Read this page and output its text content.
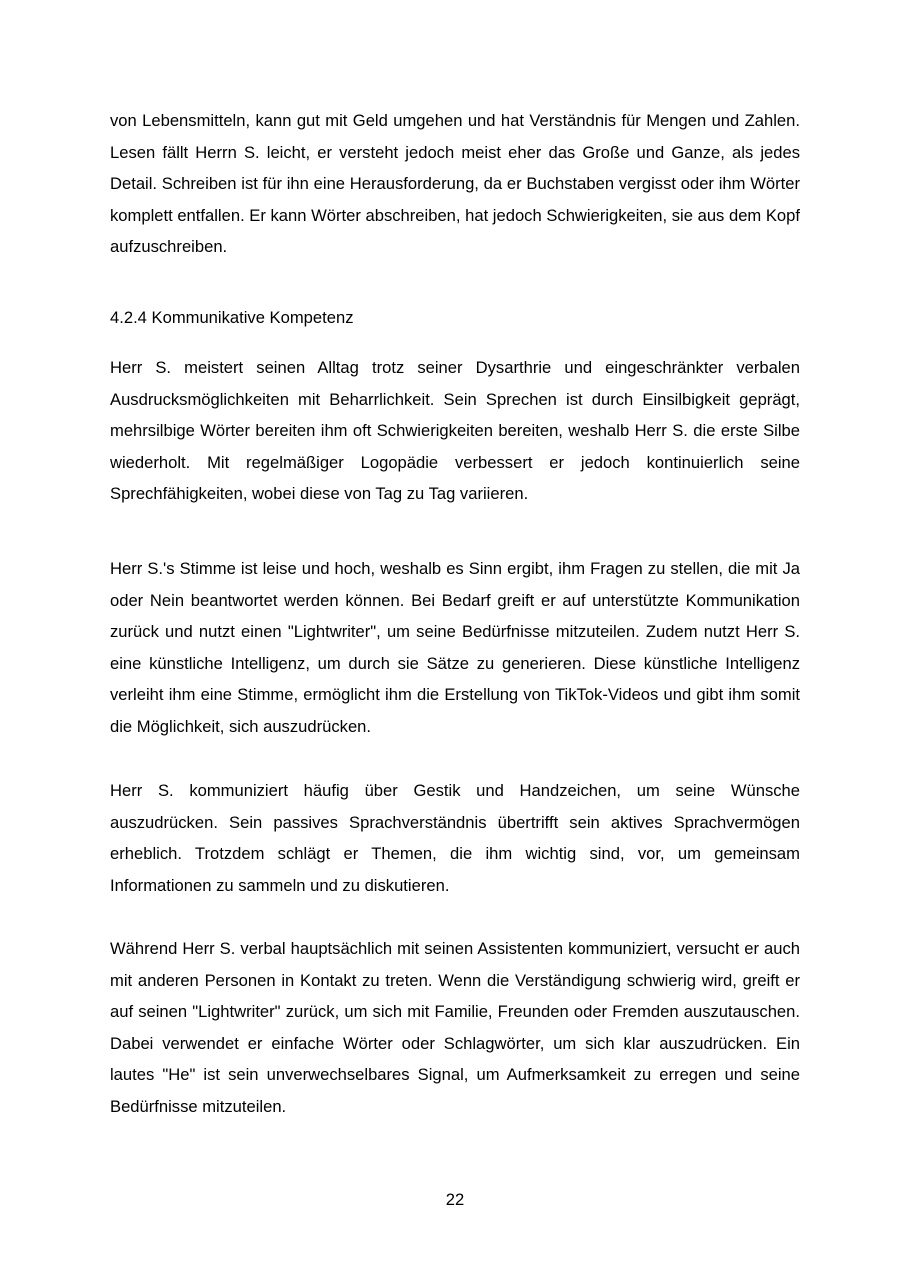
von Lebensmitteln, kann gut mit Geld umgehen und hat Verständnis für Mengen und Zahlen. Lesen fällt Herrn S. leicht, er versteht jedoch meist eher das Große und Ganze, als jedes Detail. Schreiben ist für ihn eine Herausforderung, da er Buchstaben vergisst oder ihm Wörter komplett entfallen. Er kann Wörter abschreiben, hat jedoch Schwierigkeiten, sie aus dem Kopf aufzuschreiben.

4.2.4 Kommunikative Kompetenz

Herr S. meistert seinen Alltag trotz seiner Dysarthrie und eingeschränkter verbalen Ausdrucksmöglichkeiten mit Beharrlichkeit. Sein Sprechen ist durch Einsilbigkeit geprägt, mehrsilbige Wörter bereiten ihm oft Schwierigkeiten bereiten, weshalb Herr S. die erste Silbe wiederholt. Mit regelmäßiger Logopädie verbessert er jedoch kontinuierlich seine Sprechfähigkeiten, wobei diese von Tag zu Tag variieren.

Herr S.'s Stimme ist leise und hoch, weshalb es Sinn ergibt, ihm Fragen zu stellen, die mit Ja oder Nein beantwortet werden können. Bei Bedarf greift er auf unterstützte Kommunikation zurück und nutzt einen "Lightwriter", um seine Bedürfnisse mitzuteilen. Zudem nutzt Herr S. eine künstliche Intelligenz, um durch sie Sätze zu generieren. Diese künstliche Intelligenz verleiht ihm eine Stimme, ermöglicht ihm die Erstellung von TikTok-Videos und gibt ihm somit die Möglichkeit, sich auszudrücken.

Herr S. kommuniziert häufig über Gestik und Handzeichen, um seine Wünsche auszudrücken. Sein passives Sprachverständnis übertrifft sein aktives Sprachvermögen erheblich. Trotzdem schlägt er Themen, die ihm wichtig sind, vor, um gemeinsam Informationen zu sammeln und zu diskutieren.

Während Herr S. verbal hauptsächlich mit seinen Assistenten kommuniziert, versucht er auch mit anderen Personen in Kontakt zu treten. Wenn die Verständigung schwierig wird, greift er auf seinen "Lightwriter" zurück, um sich mit Familie, Freunden oder Fremden auszutauschen. Dabei verwendet er einfache Wörter oder Schlagwörter, um sich klar auszudrücken. Ein lautes "He" ist sein unverwechselbares Signal, um Aufmerksamkeit zu erregen und seine Bedürfnisse mitzuteilen.

22
